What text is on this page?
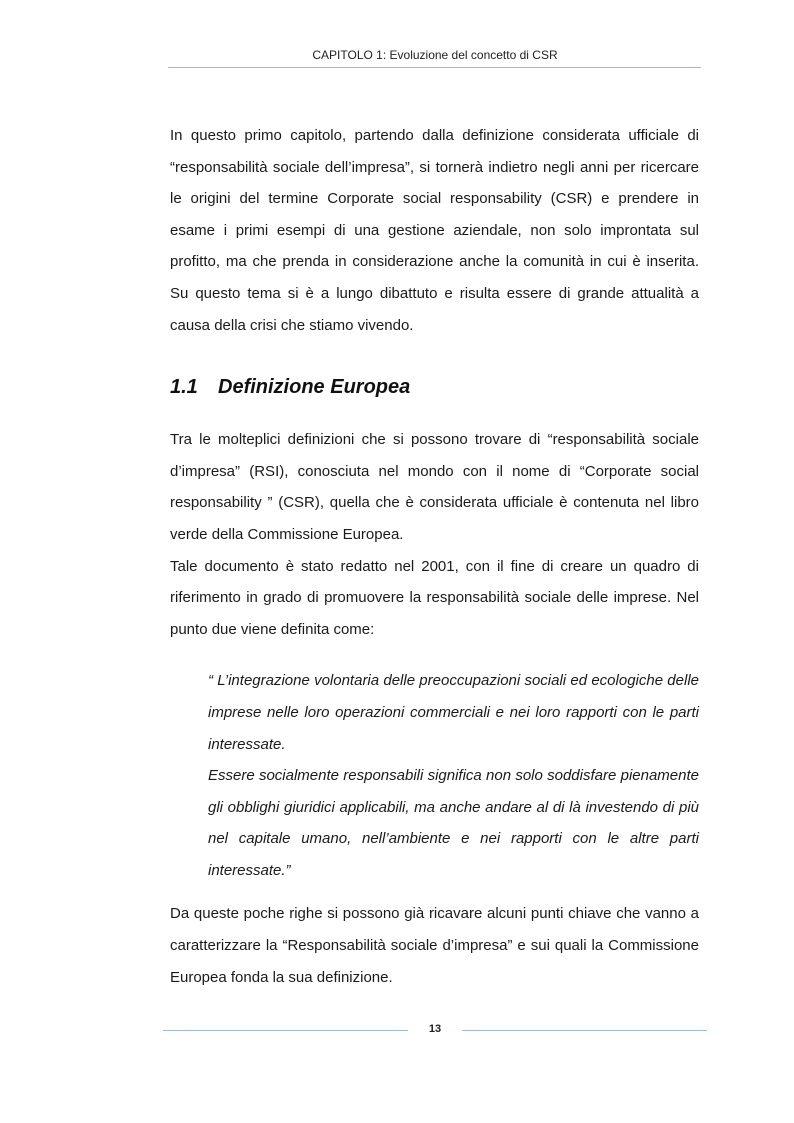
CAPITOLO 1: Evoluzione del concetto di CSR

In questo primo capitolo, partendo dalla definizione considerata ufficiale di “responsabilità sociale dell’impresa”, si tornerà indietro negli anni per ricercare le origini del termine Corporate social responsability (CSR) e prendere in esame i primi esempi di una gestione aziendale, non solo improntata sul profitto, ma che prenda in considerazione anche la comunità in cui è inserita. Su questo tema si è a lungo dibattuto e risulta essere di grande attualità a causa della crisi che stiamo vivendo.

1.1 Definizione Europea

Tra le molteplici definizioni che si possono trovare di “responsabilità sociale d’impresa” (RSI), conosciuta nel mondo con il nome di “Corporate social responsability ” (CSR), quella che è considerata ufficiale è contenuta nel libro verde della Commissione Europea.

Tale documento è stato redatto nel 2001, con il fine di creare un quadro di riferimento in grado di promuovere la responsabilità sociale delle imprese. Nel punto due viene definita come:

“ L’integrazione volontaria delle preoccupazioni sociali ed ecologiche delle imprese nelle loro operazioni commerciali e nei loro rapporti con le parti interessate.
Essere socialmente responsabili significa non solo soddisfare pienamente gli obblighi giuridici applicabili, ma anche andare al di là investendo di più nel capitale umano, nell’ambiente e nei rapporti con le altre parti interessate.”

Da queste poche righe si possono già ricavare alcuni punti chiave che vanno a caratterizzare la “Responsabilità sociale d’impresa” e sui quali la Commissione Europea fonda la sua definizione.

13
